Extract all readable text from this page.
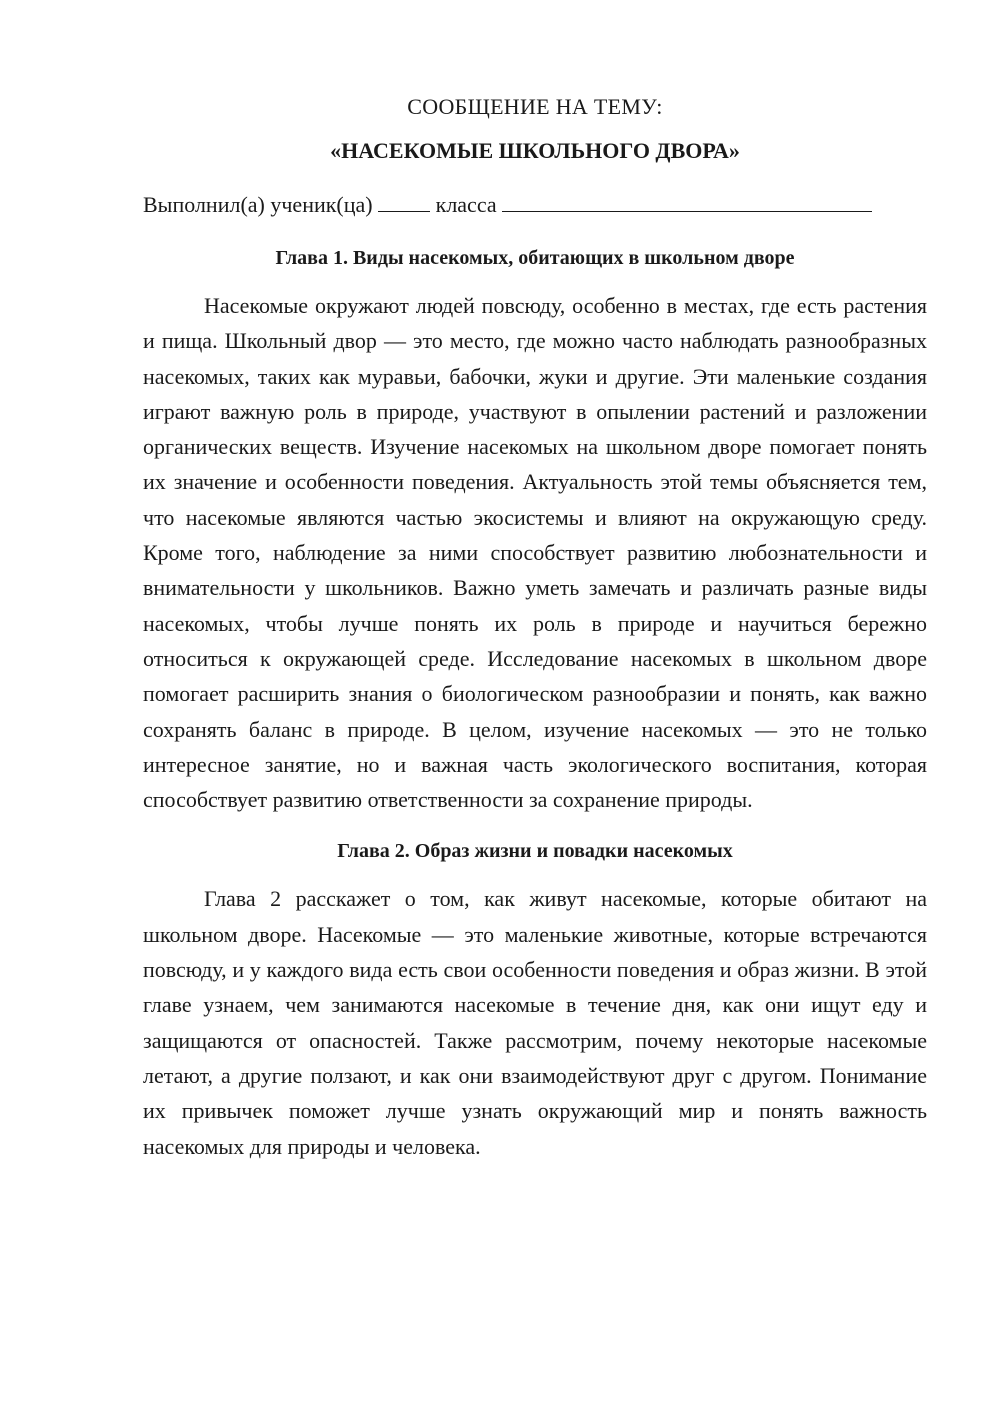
СООБЩЕНИЕ НА ТЕМУ:

«НАСЕКОМЫЕ ШКОЛЬНОГО ДВОРА»

Выполнил(а) ученик(ца)	класса

Глава 1. Виды насекомых, обитающих в школьном дворе

Насекомые окружают людей повсюду, особенно в местах, где есть растения и пища. Школьный двор — это место, где можно часто наблюдать разнообразных насекомых, таких как муравьи, бабочки, жуки и другие. Эти маленькие создания играют важную роль в природе, участвуют в опылении растений и разложении органических веществ. Изучение насекомых на школьном дворе помогает понять их значение и особенности поведения. Актуальность этой темы объясняется тем, что насекомые являются частью экосистемы и влияют на окружающую среду. Кроме того, наблюдение за ними способствует развитию любознательности и внимательности у школьников. Важно уметь замечать и различать разные виды насекомых, чтобы лучше понять их роль в природе и научиться бережно относиться к окружающей среде. Исследование насекомых в школьном дворе помогает расширить знания о биологическом разнообразии и понять, как важно сохранять баланс в природе. В целом, изучение насекомых — это не только интересное занятие, но и важная часть экологического воспитания, которая способствует развитию ответственности за сохранение природы.

Глава 2. Образ жизни и повадки насекомых

Глава 2 расскажет о том, как живут насекомые, которые обитают на школьном дворе. Насекомые — это маленькие животные, которые встречаются повсюду, и у каждого вида есть свои особенности поведения и образ жизни. В этой главе узнаем, чем занимаются насекомые в течение дня, как они ищут еду и защищаются от опасностей. Также рассмотрим, почему некоторые насекомые летают, а другие ползают, и как они взаимодействуют друг с другом. Понимание их привычек поможет лучше узнать окружающий мир и понять важность насекомых для природы и человека.
